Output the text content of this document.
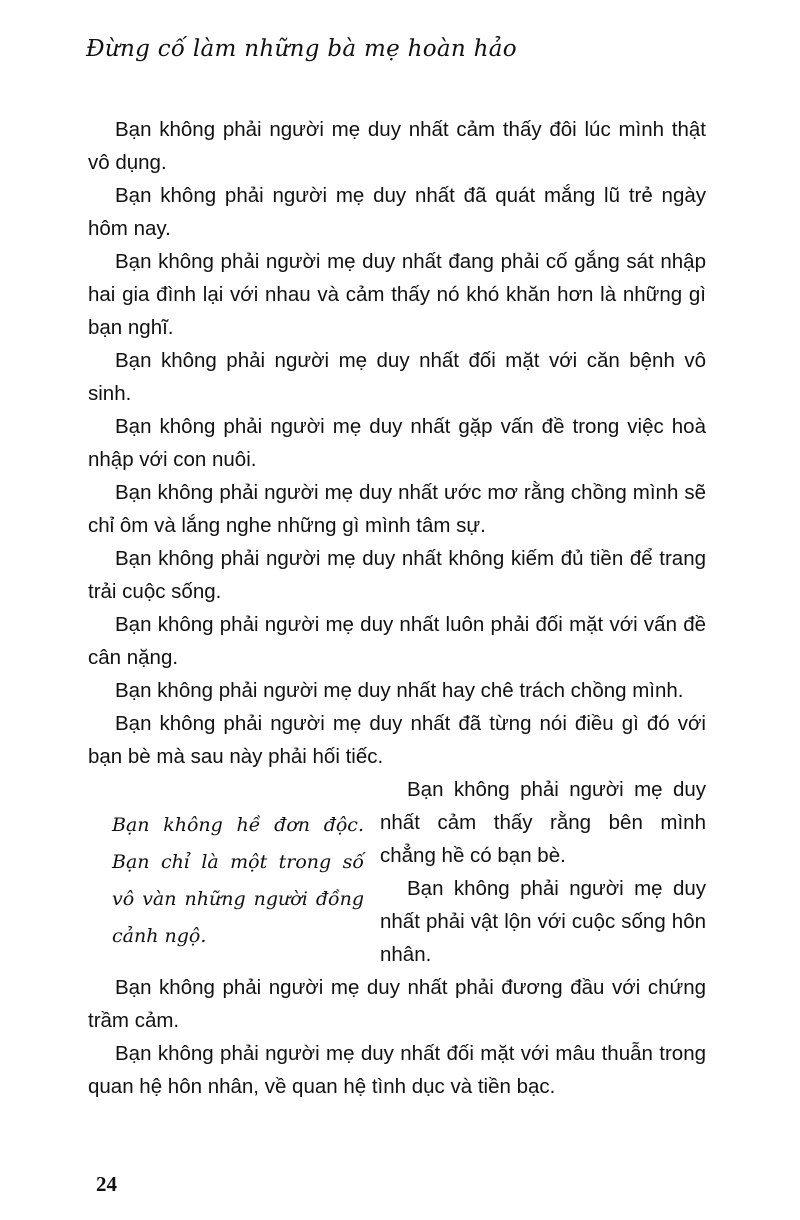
Đừng cố làm những bà mẹ hoàn hảo

Bạn không phải người mẹ duy nhất cảm thấy đôi lúc mình thật vô dụng.

Bạn không phải người mẹ duy nhất đã quát mắng lũ trẻ ngày hôm nay.

Bạn không phải người mẹ duy nhất đang phải cố gắng sát nhập hai gia đình lại với nhau và cảm thấy nó khó khăn hơn là những gì bạn nghĩ.

Bạn không phải người mẹ duy nhất đối mặt với căn bệnh vô sinh.

Bạn không phải người mẹ duy nhất gặp vấn đề trong việc hoà nhập với con nuôi.

Bạn không phải người mẹ duy nhất ước mơ rằng chồng mình sẽ chỉ ôm và lắng nghe những gì mình tâm sự.

Bạn không phải người mẹ duy nhất không kiếm đủ tiền để trang trải cuộc sống.

Bạn không phải người mẹ duy nhất luôn phải đối mặt với vấn đề cân nặng.

Bạn không phải người mẹ duy nhất hay chê trách chồng mình.

Bạn không phải người mẹ duy nhất đã từng nói điều gì đó với bạn bè mà sau này phải hối tiếc.

Bạn không hề đơn độc. Bạn chỉ là một trong số vô vàn những người đồng cảnh ngộ.

Bạn không phải người mẹ duy nhất cảm thấy rằng bên mình chẳng hề có bạn bè.

Bạn không phải người mẹ duy nhất phải vật lộn với cuộc sống hôn nhân.

Bạn không phải người mẹ duy nhất phải đương đầu với chứng trầm cảm.

Bạn không phải người mẹ duy nhất đối mặt với mâu thuẫn trong quan hệ hôn nhân, về quan hệ tình dục và tiền bạc.

24
